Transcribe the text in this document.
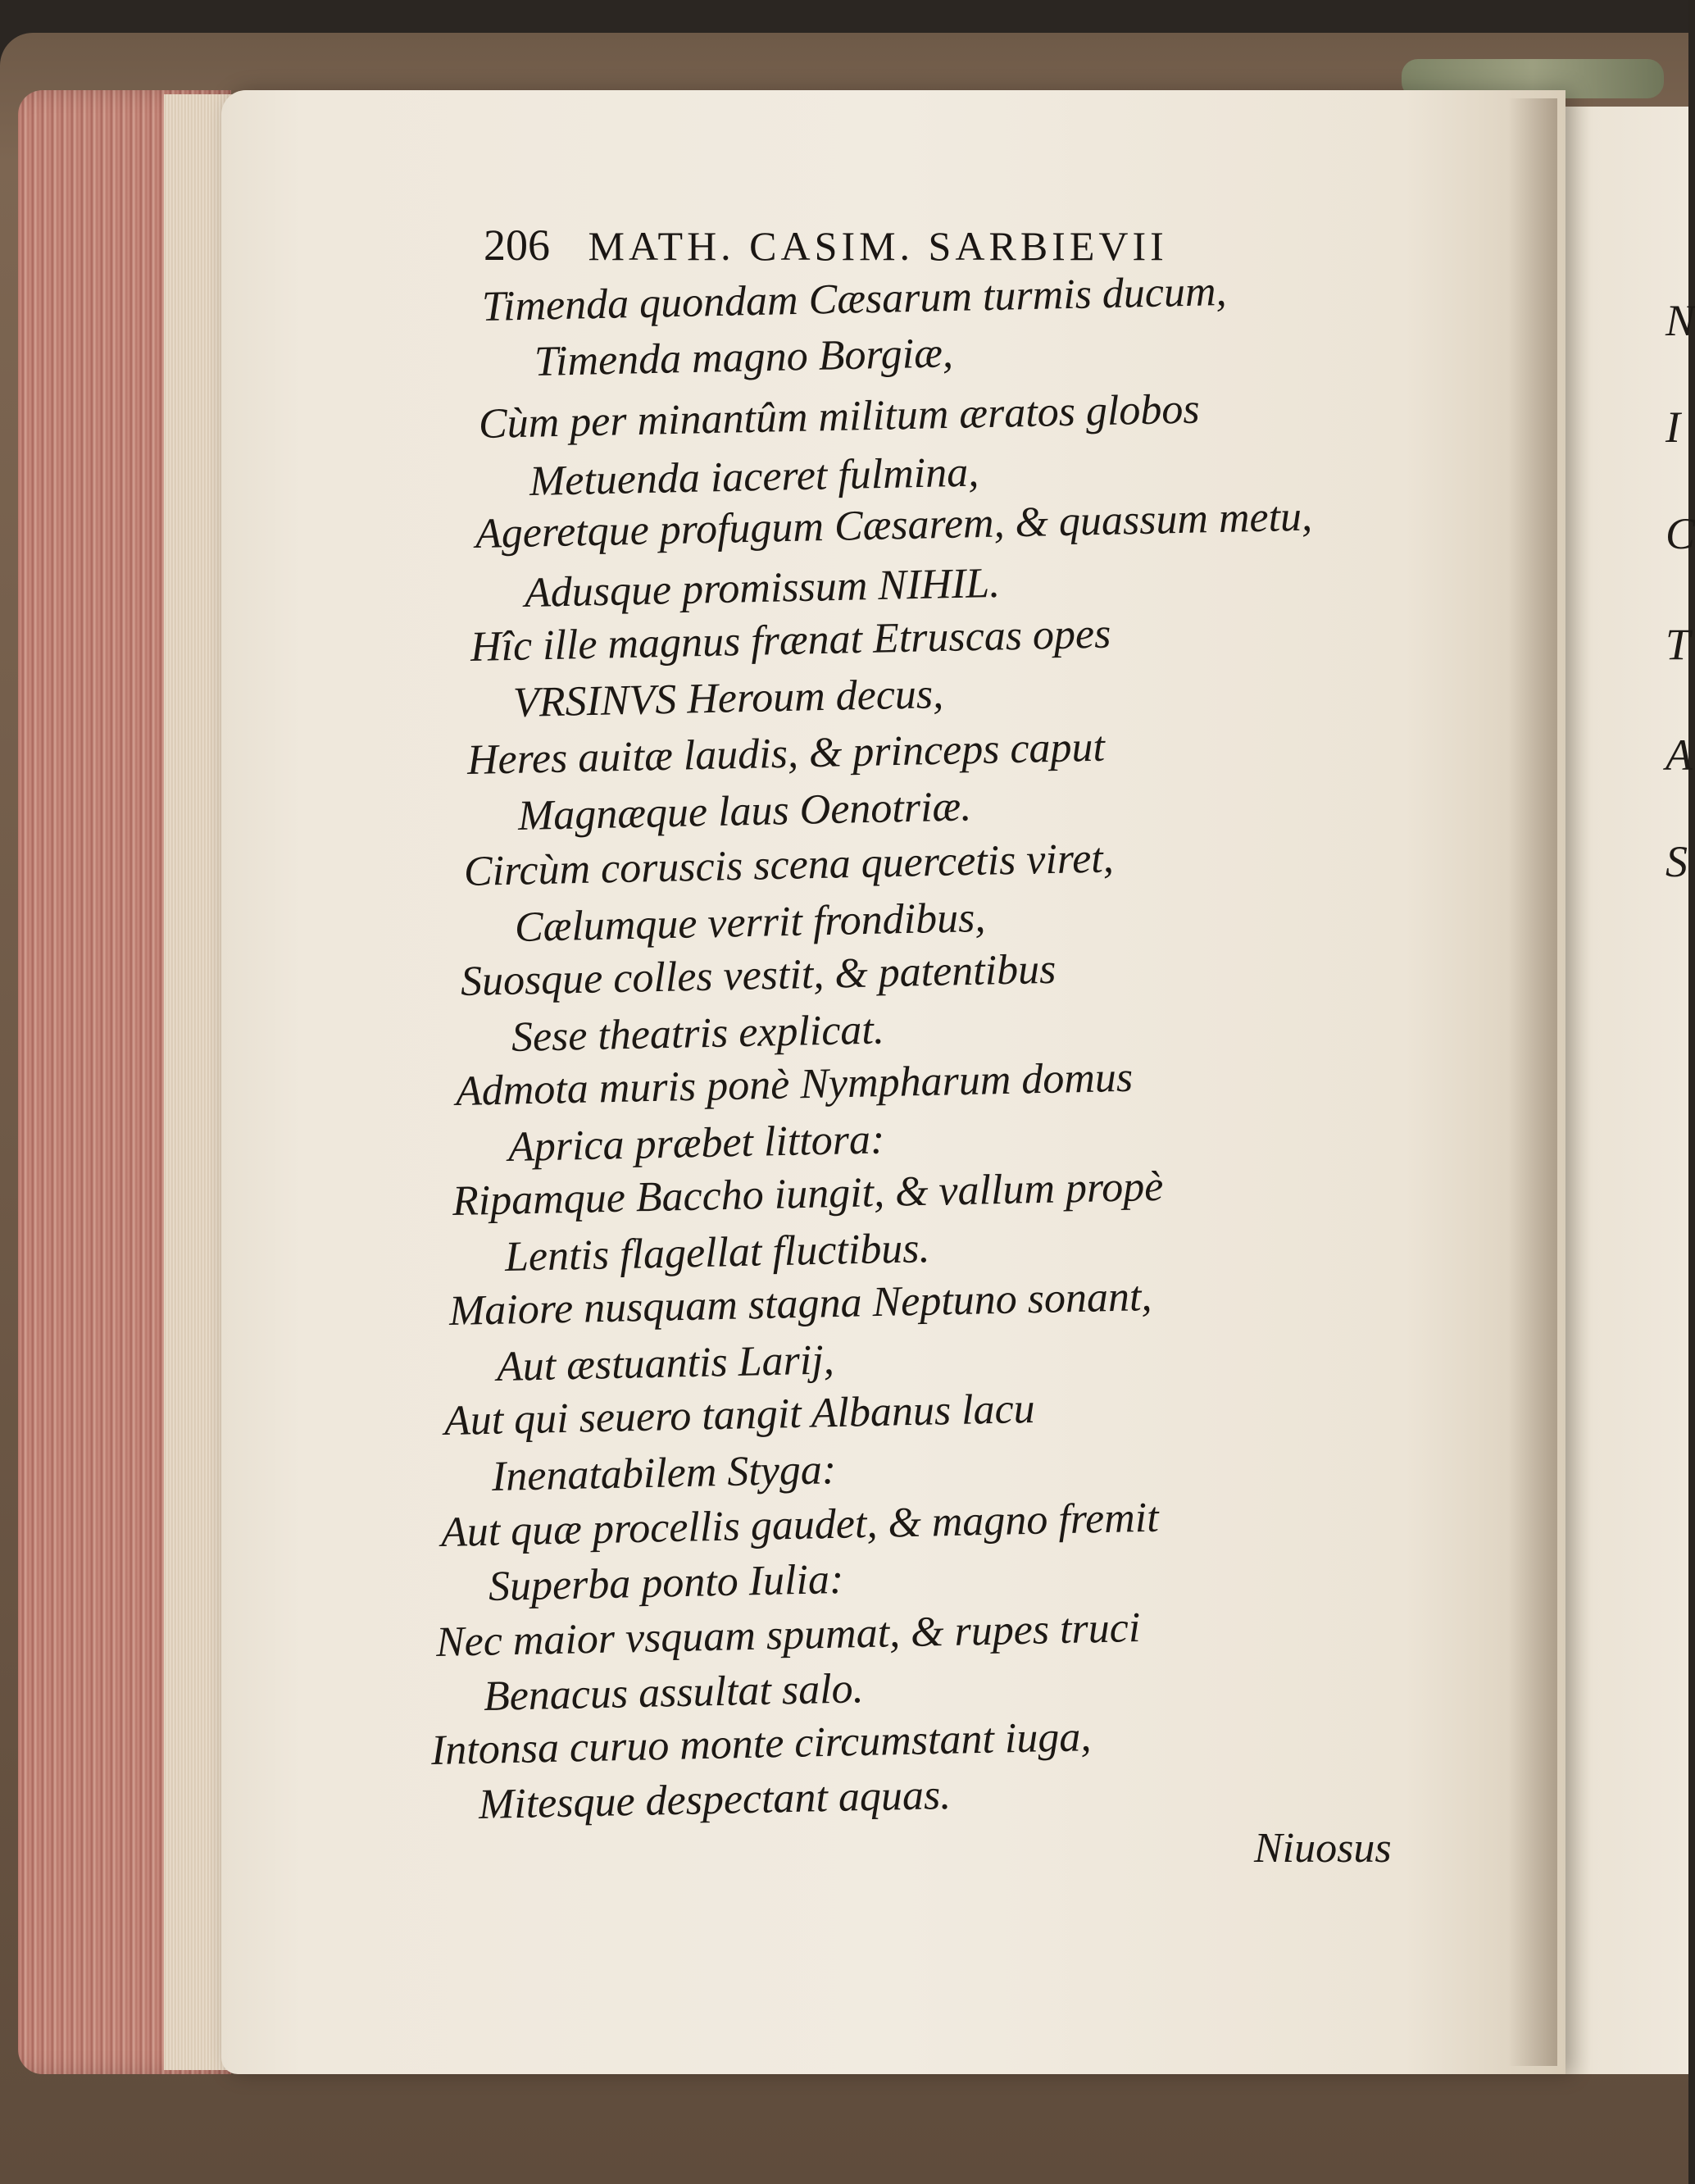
N
I
C
T
A
S
206 MATH. CASIM. SARBIEVII
Timenda quondam Cæsarum turmis ducum,
Timenda magno Borgiæ,
Cùm per minantûm militum æratos globos
Metuenda iaceret fulmina,
Ageretque profugum Cæsarem, & quassum metu,
Adusque promissum NIHIL.
Hîc ille magnus frænat Etruscas opes
VRSINVS Heroum decus,
Heres auitæ laudis, & princeps caput
Magnæque laus Oenotriæ.
Circùm coruscis scena quercetis viret,
Cælumque verrit frondibus,
Suosque colles vestit, & patentibus
Sese theatris explicat.
Admota muris ponè Nympharum domus
Aprica præbet littora:
Ripamque Baccho iungit, & vallum propè
Lentis flagellat fluctibus.
Maiore nusquam stagna Neptuno sonant,
Aut æstuantis Larij,
Aut qui seuero tangit Albanus lacu
Inenatabilem Styga:
Aut quæ procellis gaudet, & magno fremit
Superba ponto Iulia:
Nec maior vsquam spumat, & rupes truci
Benacus assultat salo.
Intonsa curuo monte circumstant iuga,
Mitesque despectant aquas.
Niuosus
